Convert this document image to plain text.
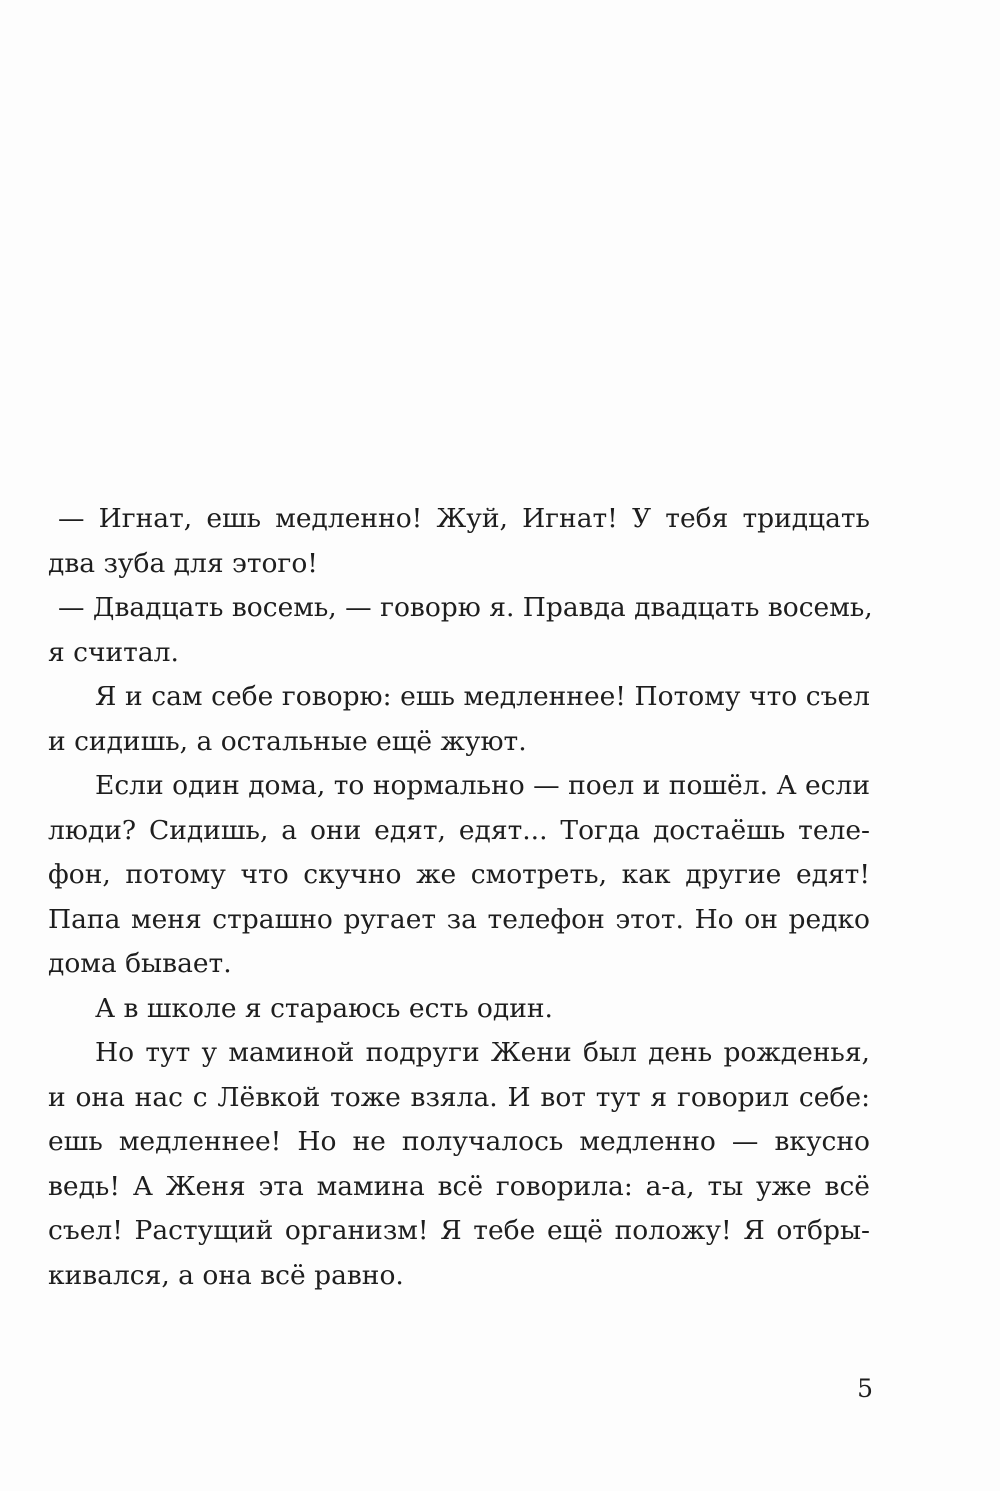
— Игнат, ешь медленно! Жуй, Игнат! У тебя тридцать
два зуба для этого!
— Двадцать восемь, — говорю я. Правда двадцать восемь,
я считал.
Я и сам себе говорю: ешь медленнее! Потому что съел
и сидишь, а остальные ещё жуют.
Если один дома, то нормально — поел и пошёл. А если
люди? Сидишь, а они едят, едят... Тогда достаёшь теле-
фон, потому что скучно же смотреть, как другие едят!
Папа меня страшно ругает за телефон этот. Но он редко
дома бывает.
А в школе я стараюсь есть один.
Но тут у маминой подруги Жени был день рожденья,
и она нас с Лёвкой тоже взяла. И вот тут я говорил себе:
ешь медленнее! Но не получалось медленно — вкусно
ведь! А Женя эта мамина всё говорила: а-а, ты уже всё
съел! Растущий организм! Я тебе ещё положу! Я отбры-
кивался, а она всё равно.
5
